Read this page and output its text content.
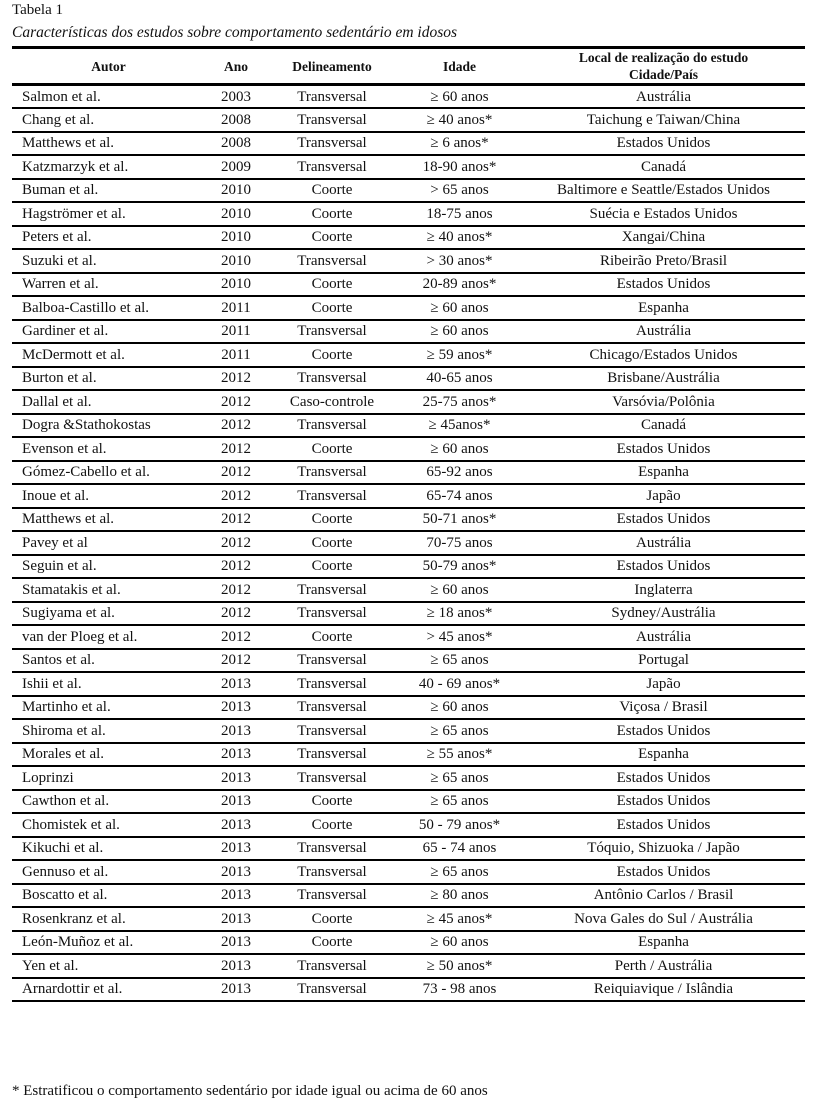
Tabela 1
Características dos estudos sobre comportamento sedentário em idosos
Autor	Ano	Delineamento	Idade	Local de realização do estudo
Cidade/País

Salmon et al.	2003	Transversal	≥ 60 anos	Austrália
Chang et al.	2008	Transversal	≥ 40 anos*	Taichung e Taiwan/China
Matthews et al.	2008	Transversal	≥ 6 anos*	Estados Unidos
Katzmarzyk et al.	2009	Transversal	18-90 anos*	Canadá
Buman et al.	2010	Coorte	> 65 anos	Baltimore e Seattle/Estados Unidos
Hagströmer et al.	2010	Coorte	18-75 anos	Suécia e Estados Unidos
Peters et al.	2010	Coorte	≥ 40 anos*	Xangai/China
Suzuki et al.	2010	Transversal	> 30 anos*	Ribeirão Preto/Brasil
Warren et al.	2010	Coorte	20-89 anos*	Estados Unidos
Balboa-Castillo et al.	2011	Coorte	≥ 60 anos	Espanha
Gardiner et al.	2011	Transversal	≥ 60 anos	Austrália
McDermott et al.	2011	Coorte	≥ 59 anos*	Chicago/Estados Unidos
Burton et al.	2012	Transversal	40-65 anos	Brisbane/Austrália
Dallal et al.	2012	Caso-controle	25-75 anos*	Varsóvia/Polônia
Dogra &Stathokostas	2012	Transversal	≥ 45anos*	Canadá
Evenson et al.	2012	Coorte	≥ 60 anos	Estados Unidos
Gómez-Cabello et al.	2012	Transversal	65-92 anos	Espanha
Inoue et al.	2012	Transversal	65-74 anos	Japão
Matthews et al.	2012	Coorte	50-71 anos*	Estados Unidos
Pavey et al	2012	Coorte	70-75 anos	Austrália
Seguin et al.	2012	Coorte	50-79 anos*	Estados Unidos
Stamatakis et al.	2012	Transversal	≥ 60 anos	Inglaterra
Sugiyama et al.	2012	Transversal	≥ 18 anos*	Sydney/Austrália
van der Ploeg et al.	2012	Coorte	> 45 anos*	Austrália
Santos et al.	2012	Transversal	≥ 65 anos	Portugal
Ishii et al.	2013	Transversal	40 - 69 anos*	Japão
Martinho et al.	2013	Transversal	≥ 60 anos	Viçosa / Brasil
Shiroma et al.	2013	Transversal	≥ 65 anos	Estados Unidos
Morales et al.	2013	Transversal	≥ 55 anos*	Espanha
Loprinzi	2013	Transversal	≥ 65 anos	Estados Unidos
Cawthon et al.	2013	Coorte	≥ 65 anos	Estados Unidos
Chomistek et al.	2013	Coorte	50 - 79 anos*	Estados Unidos
Kikuchi et al.	2013	Transversal	65 - 74 anos	Tóquio, Shizuoka / Japão
Gennuso et al.	2013	Transversal	≥ 65 anos	Estados Unidos
Boscatto et al.	2013	Transversal	≥ 80 anos	Antônio Carlos / Brasil
Rosenkranz et al.	2013	Coorte	≥ 45 anos*	Nova Gales do Sul / Austrália
León-Muñoz et al.	2013	Coorte	≥ 60 anos	Espanha
Yen et al.	2013	Transversal	≥ 50 anos*	Perth / Austrália
Arnardottir et al.	2013	Transversal	73 - 98 anos	Reiquiavique / Islândia
* Estratificou o comportamento sedentário por idade igual ou acima de 60 anos
